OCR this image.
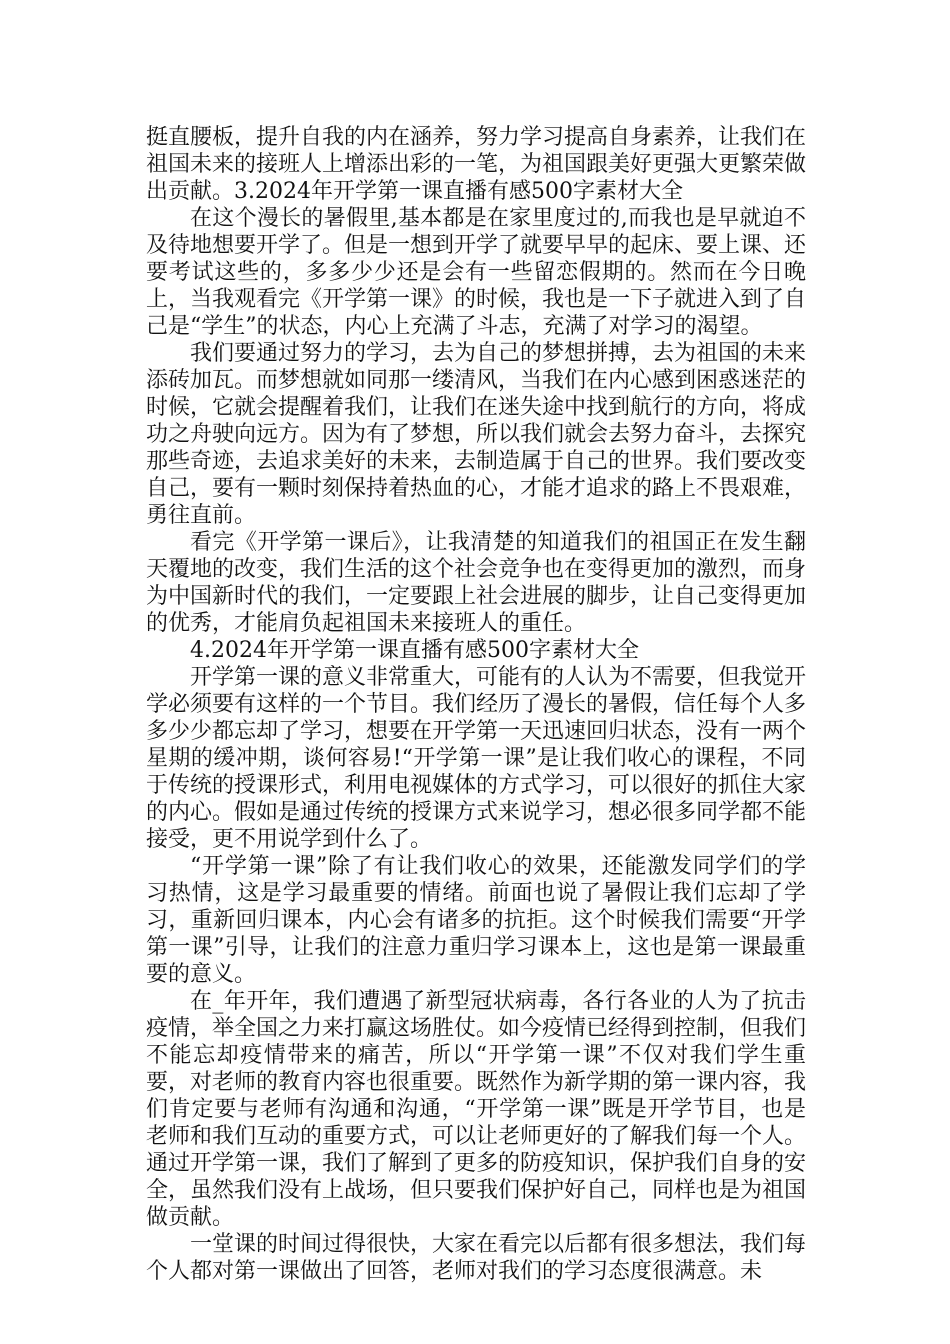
挺直腰板，提升自我的内在涵养，努力学习提高自身素养，让我们在祖国未来的接班人上增添出彩的一笔，为祖国跟美好更强大更繁荣做出贡献。3.2024年开学第一课直播有感500字素材大全

在这个漫长的暑假里,基本都是在家里度过的,而我也是早就迫不及待地想要开学了。但是一想到开学了就要早早的起床、要上课、还要考试这些的，多多少少还是会有一些留恋假期的。然而在今日晚上，当我观看完《开学第一课》的时候，我也是一下子就进入到了自己是“学生”的状态，内心上充满了斗志，充满了对学习的渴望。

我们要通过努力的学习，去为自己的梦想拼搏，去为祖国的未来添砖加瓦。而梦想就如同那一缕清风，当我们在内心感到困惑迷茫的时候，它就会提醒着我们，让我们在迷失途中找到航行的方向，将成功之舟驶向远方。因为有了梦想，所以我们就会去努力奋斗，去探究那些奇迹，去追求美好的未来，去制造属于自己的世界。我们要改变自己，要有一颗时刻保持着热血的心，才能才追求的路上不畏艰难，勇往直前。

看完《开学第一课后》，让我清楚的知道我们的祖国正在发生翻天覆地的改变，我们生活的这个社会竞争也在变得更加的激烈，而身为中国新时代的我们，一定要跟上社会进展的脚步，让自己变得更加的优秀，才能肩负起祖国未来接班人的重任。

4.2024年开学第一课直播有感500字素材大全

开学第一课的意义非常重大，可能有的人认为不需要，但我觉开学必须要有这样的一个节目。我们经历了漫长的暑假，信任每个人多多少少都忘却了学习，想要在开学第一天迅速回归状态，没有一两个星期的缓冲期，谈何容易!“开学第一课”是让我们收心的课程，不同于传统的授课形式，利用电视媒体的方式学习，可以很好的抓住大家的内心。假如是通过传统的授课方式来说学习，想必很多同学都不能接受，更不用说学到什么了。

“开学第一课”除了有让我们收心的效果，还能激发同学们的学习热情，这是学习最重要的情绪。前面也说了暑假让我们忘却了学习，重新回归课本，内心会有诸多的抗拒。这个时候我们需要“开学第一课”引导，让我们的注意力重归学习课本上，这也是第一课最重要的意义。

在_年开年，我们遭遇了新型冠状病毒，各行各业的人为了抗击疫情，举全国之力来打赢这场胜仗。如今疫情已经得到控制，但我们不能忘却疫情带来的痛苦，所以“开学第一课”不仅对我们学生重要，对老师的教育内容也很重要。既然作为新学期的第一课内容，我们肯定要与老师有沟通和沟通，“开学第一课”既是开学节目，也是老师和我们互动的重要方式，可以让老师更好的了解我们每一个人。通过开学第一课，我们了解到了更多的防疫知识，保护我们自身的安全，虽然我们没有上战场，但只要我们保护好自己，同样也是为祖国做贡献。

一堂课的时间过得很快，大家在看完以后都有很多想法，我们每个人都对第一课做出了回答，老师对我们的学习态度很满意。未
